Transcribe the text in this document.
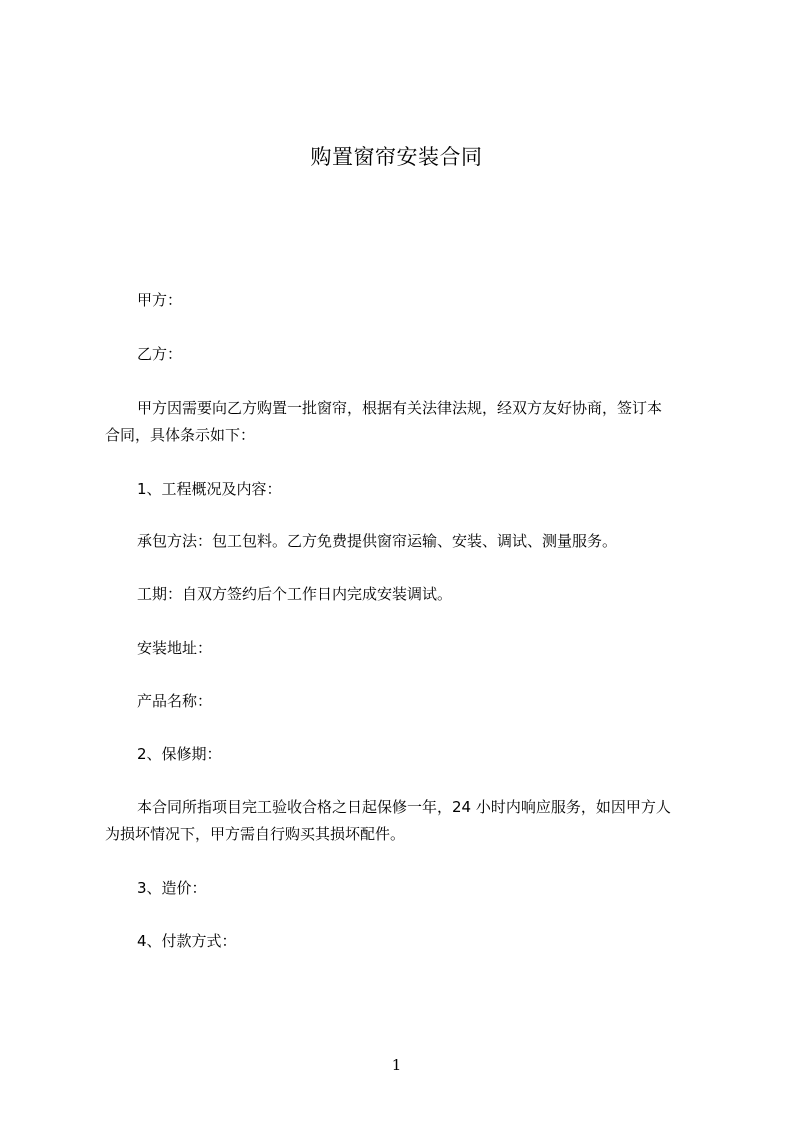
购置窗帘安装合同
甲方：
乙方：
甲方因需要向乙方购置一批窗帘，根据有关法律法规，经双方友好协商，签订本
合同，具体条示如下：
1、工程概况及内容：
承包方法：包工包料。乙方免费提供窗帘运输、安装、调试、测量服务。
工期：自双方签约后个工作日内完成安装调试。
安装地址：
产品名称：
2、保修期：
本合同所指项目完工验收合格之日起保修一年，24 小时内响应服务，如因甲方人
为损坏情况下，甲方需自行购买其损坏配件。
3、造价：
4、付款方式：
1
